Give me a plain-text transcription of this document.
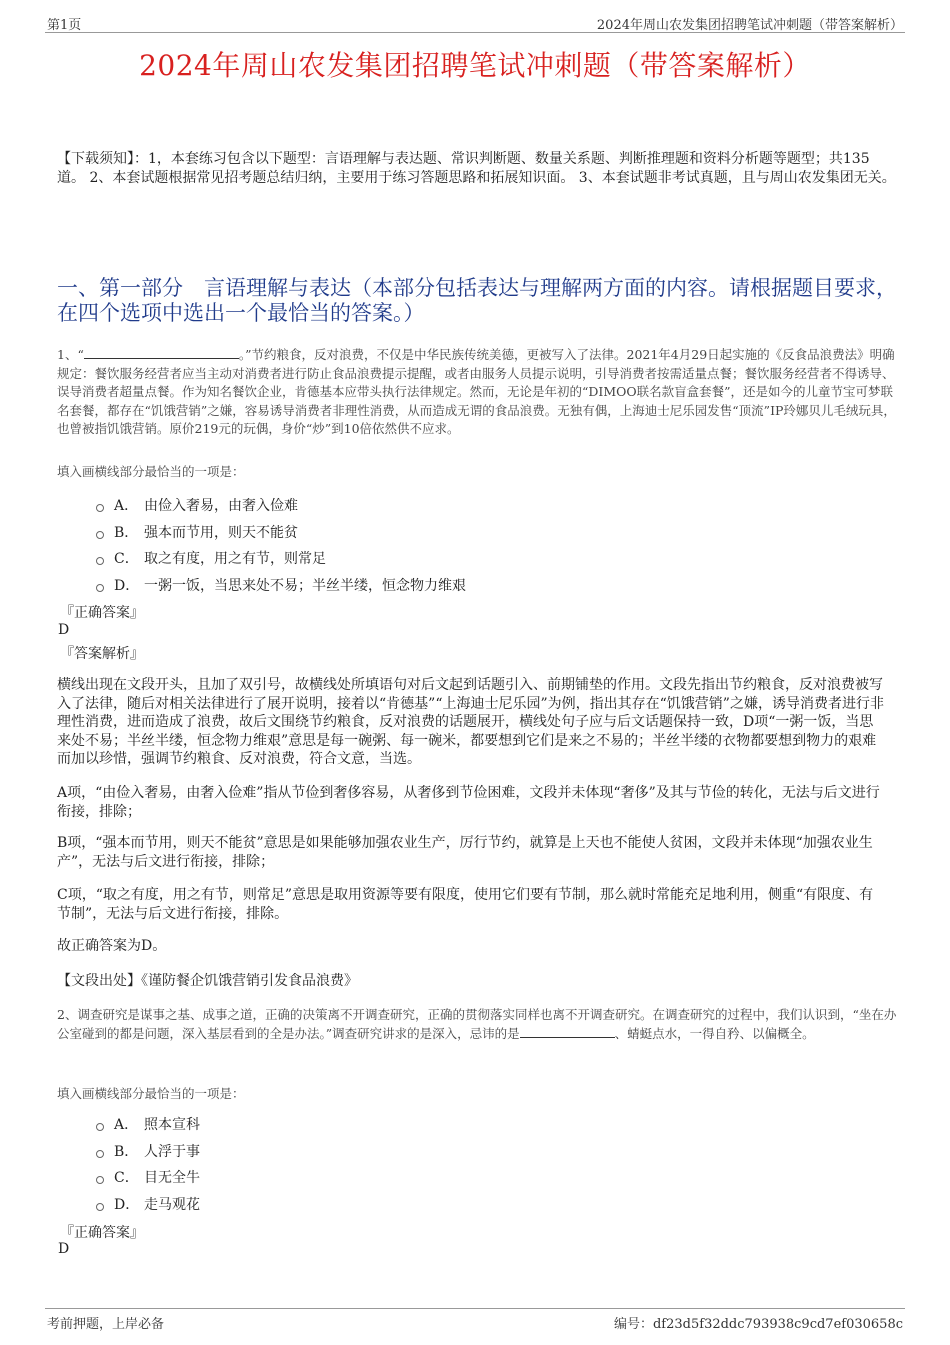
第1页	2024年周山农发集团招聘笔试冲刺题（带答案解析）
2024年周山农发集团招聘笔试冲刺题（带答案解析）
【下载须知】：1，本套练习包含以下题型：言语理解与表达题、常识判断题、数量关系题、判断推理题和资料分析题等题型；共135道。 2、本套试题根据常见招考题总结归纳，主要用于练习答题思路和拓展知识面。 3、本套试题非考试真题，且与周山农发集团无关。
一、第一部分　言语理解与表达（本部分包括表达与理解两方面的内容。请根据题目要求，在四个选项中选出一个最恰当的答案。）
1、“	。”节约粮食，反对浪费，不仅是中华民族传统美德，更被写入了法律。2021年4月29日起实施的《反食品浪费法》明确规定：餐饮服务经营者应当主动对消费者进行防止食品浪费提示提醒，或者由服务人员提示说明，引导消费者按需适量点餐；餐饮服务经营者不得诱导、误导消费者超量点餐。作为知名餐饮企业，肯德基本应带头执行法律规定。然而，无论是年初的“DIMOO联名款盲盒套餐”，还是如今的儿童节宝可梦联名套餐，都存在“饥饿营销”之嫌，容易诱导消费者非理性消费，从而造成无谓的食品浪费。无独有偶，上海迪士尼乐园发售“顶流”IP玲娜贝儿毛绒玩具，也曾被指饥饿营销。原价219元的玩偶，身价“炒”到10倍依然供不应求。
填入画横线部分最恰当的一项是：
A． 由俭入奢易，由奢入俭难
B． 强本而节用，则天不能贫
C． 取之有度，用之有节，则常足
D． 一粥一饭，当思来处不易；半丝半缕，恒念物力维艰
『正确答案』
D
『答案解析』
横线出现在文段开头，且加了双引号，故横线处所填语句对后文起到话题引入、前期铺垫的作用。文段先指出节约粮食，反对浪费被写入了法律，随后对相关法律进行了展开说明，接着以“肯德基”“上海迪士尼乐园”为例，指出其存在“饥饿营销”之嫌，诱导消费者进行非理性消费，进而造成了浪费，故后文围绕节约粮食，反对浪费的话题展开，横线处句子应与后文话题保持一致，D项“一粥一饭，当思来处不易；半丝半缕，恒念物力维艰”意思是每一碗粥、每一碗米，都要想到它们是来之不易的；半丝半缕的衣物都要想到物力的艰难而加以珍惜，强调节约粮食、反对浪费，符合文意，当选。
A项，“由俭入奢易，由奢入俭难”指从节俭到奢侈容易，从奢侈到节俭困难，文段并未体现“奢侈”及其与节俭的转化，无法与后文进行衔接，排除；
B项，“强本而节用，则天不能贫”意思是如果能够加强农业生产，厉行节约，就算是上天也不能使人贫困，文段并未体现“加强农业生产”，无法与后文进行衔接，排除；
C项，“取之有度，用之有节，则常足”意思是取用资源等要有限度，使用它们要有节制，那么就时常能充足地利用，侧重“有限度、有节制”，无法与后文进行衔接，排除。
故正确答案为D。
【文段出处】《谨防餐企饥饿营销引发食品浪费》
2、调查研究是谋事之基、成事之道，正确的决策离不开调查研究，正确的贯彻落实同样也离不开调查研究。在调查研究的过程中，我们认识到，“坐在办公室碰到的都是问题，深入基层看到的全是办法。”调查研究讲求的是深入，忌讳的是	、蜻蜓点水，一得自矜、以偏概全。
填入画横线部分最恰当的一项是：
A． 照本宣科
B． 人浮于事
C． 目无全牛
D． 走马观花
『正确答案』
D
考前押题，上岸必备	编号：df23d5f32ddc793938c9cd7ef030658c
